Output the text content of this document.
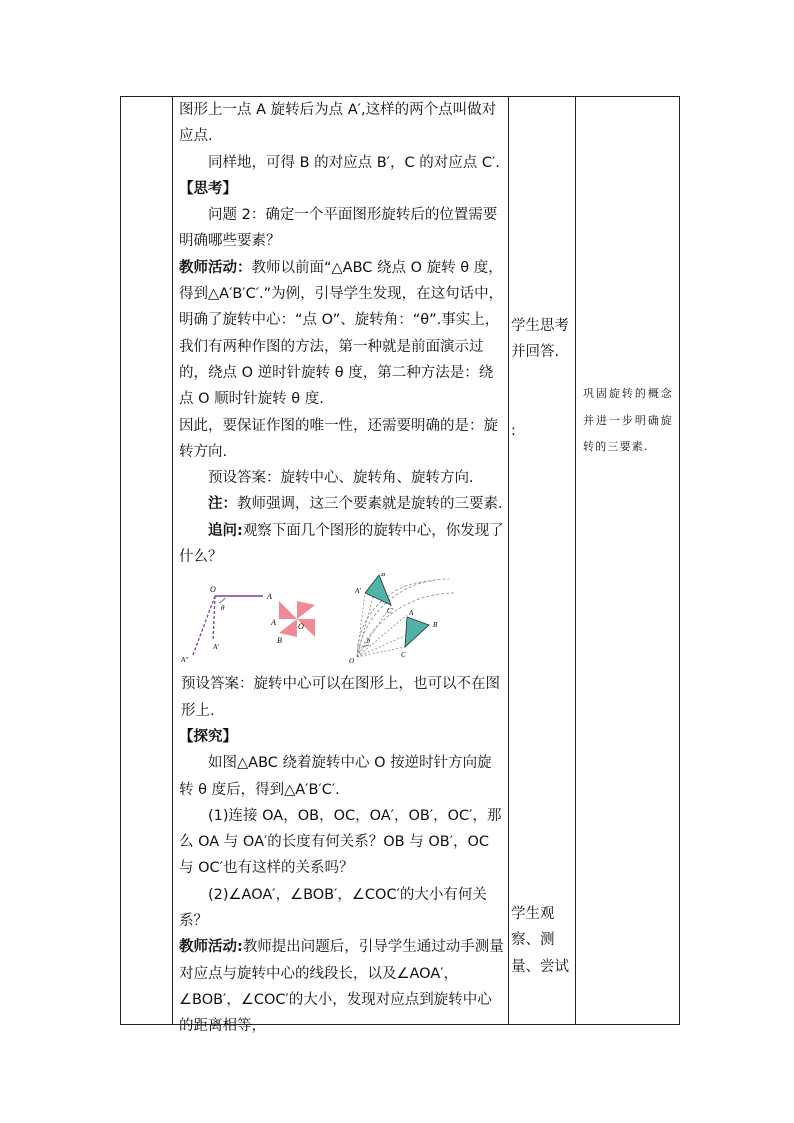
图形上一点 A 旋转后为点 A′,这样的两个点叫做对应点.

同样地，可得 B 的对应点 B′，C 的对应点 C′.

【思考】

问题 2：确定一个平面图形旋转后的位置需要明确哪些要素？

教师活动：教师以前面“△ABC 绕点 O 旋转 θ 度，得到△A′B′C′.”为例，引导学生发现，在这句话中，明确了旋转中心：“点 O”、旋转角：“θ”.事实上，我们有两种作图的方法，第一种就是前面演示过的，绕点 O 逆时针旋转 θ 度，第二种方法是：绕点 O 顺时针旋转 θ 度.

因此，要保证作图的唯一性，还需要明确的是：旋转方向.

预设答案：旋转中心、旋转角、旋转方向.

注：教师强调，这三个要素就是旋转的三要素.

追问:观察下面几个图形的旋转中心，你发现了什么？

O
A
θ
A′′
A′
A	O
B
B′
A′
C′ A
B
C
O
θ

预设答案：旋转中心可以在图形上，也可以不在图形上.

【探究】

如图△ABC 绕着旋转中心 O 按逆时针方向旋转 θ 度后，得到△A′B′C′.

(1)连接 OA，OB，OC，OA′，OB′，OC′，那么 OA 与 OA′的长度有何关系？OB 与 OB′，OC 与 OC′也有这样的关系吗？

(2)∠AOA′，∠BOB′，∠COC′的大小有何关系？

教师活动:教师提出问题后，引导学生通过动手测量对应点与旋转中心的线段长，以及∠AOA′，∠BOB′，∠COC′的大小，发现对应点到旋转中心的距离相等，

学生思考并回答.
:
学生观察、测量、尝试
巩固旋转的概念并进一步明确旋转的三要素.
